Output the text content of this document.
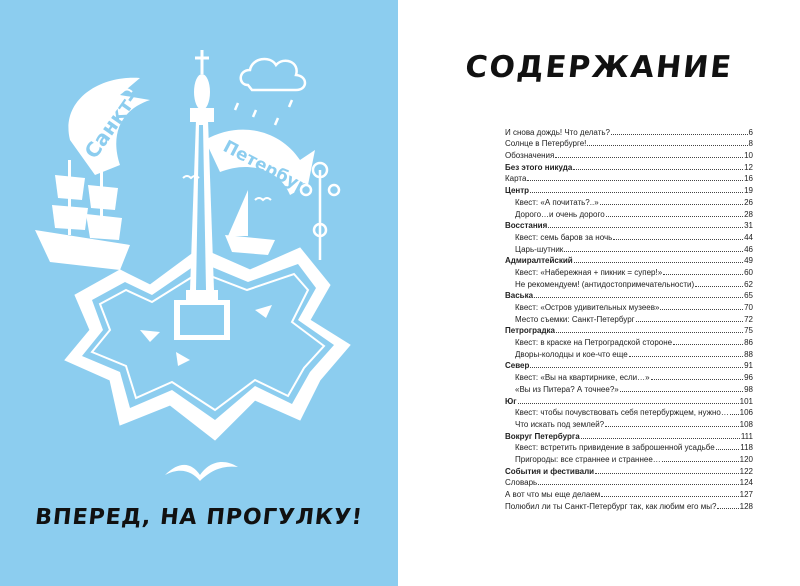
Санкт-
Петербург
ВПЕРЕД, НА ПРОГУЛКУ!
СОДЕРЖАНИЕ
И снова дождь! Что делать?	6
Солнце в Петербурге!	8
Обозначения	10
Без этого никуда	12
Карта	16
Центр	19
Квест: «А почитать?..»	26
Дорого…и очень дорого	28
Восстания	31
Квест: семь баров за ночь	44
Царь-шутник	46
Адмиралтейский	49
Квест: «Набережная + пикник = супер!»	60
Не рекомендуем! (антидостопримечательности)	62
Васька	65
Квест: «Остров удивительных музеев»	70
Место съемки: Санкт-Петербург	72
Петроградка	75
Квест: в краске на Петроградской стороне	86
Дворы-колодцы и кое-что еще	88
Север	91
Квест: «Вы на квартирнике, если…»	96
«Вы из Питера? А точнее?»	98
Юг	101
Квест: чтобы почувствовать себя петербуржцем, нужно… 106
Что искать под землей?	108
Вокруг Петербурга	111
Квест: встретить привидение в заброшенной усадьбе	118
Пригороды: все страннее и страннее…	120
События и фестивали	122
Словарь	124
А вот что мы еще делаем	127
Полюбил ли ты Санкт-Петербург так, как любим его мы?	128
